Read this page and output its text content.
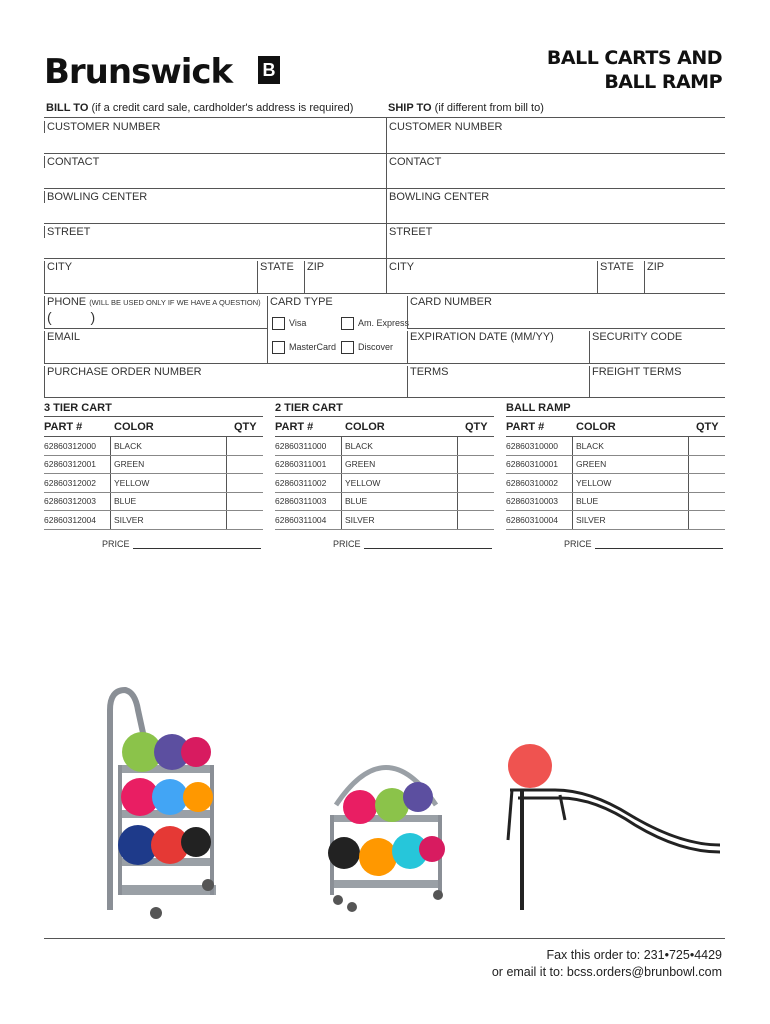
Brunswick B
BALL CARTS AND
BALL RAMP
BILL TO (if a credit card sale, cardholder's address is required)	SHIP TO (if different from bill to)
CUSTOMER NUMBER
CONTACT
BOWLING CENTER
STREET
CITY	STATE	ZIP
CUSTOMER NUMBER
CONTACT
BOWLING CENTER
STREET
CITY	STATE	ZIP
PHONE (WILL BE USED ONLY IF WE HAVE A QUESTION)
(          )
CARD TYPE
Visa	Am. Express
MasterCard	Discover
CARD NUMBER
EMAIL	EXPIRATION DATE (MM/YY)	SECURITY CODE
PURCHASE ORDER NUMBER	TERMS	FREIGHT TERMS
3 TIER CART
PART #	COLOR	QTY
62860312000 BLACK
62860312001 GREEN
62860312002 YELLOW
62860312003 BLUE
62860312004 SILVER
PRICE
2 TIER CART
PART #	COLOR	QTY
62860311000 BLACK
62860311001 GREEN
62860311002 YELLOW
62860311003 BLUE
62860311004 SILVER
PRICE
BALL RAMP
PART #	COLOR	QTY
62860310000 BLACK
62860310001 GREEN
62860310002 YELLOW
62860310003 BLUE
62860310004 SILVER
PRICE
Fax this order to: 231•725•4429
or email it to: bcss.orders@brunbowl.com
